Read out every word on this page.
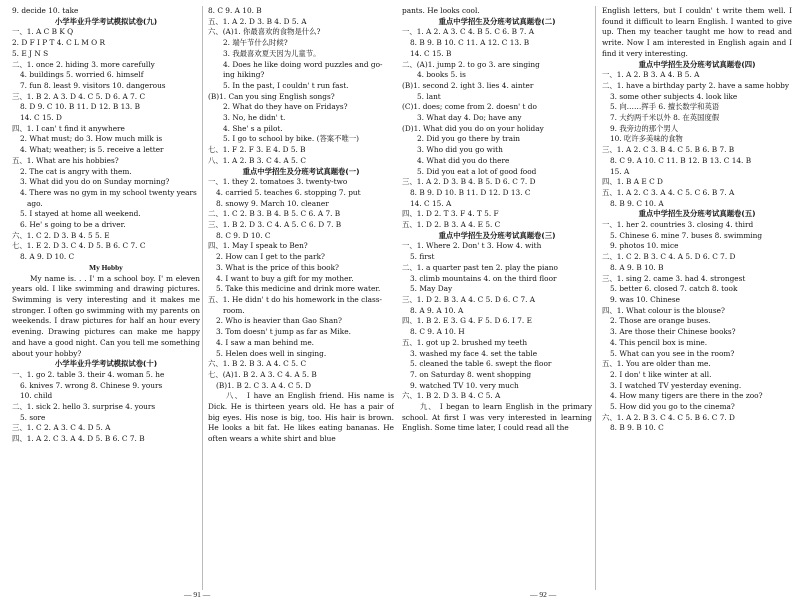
9. decide 10. take

小学毕业升学考试模拟试卷(九)

一、1. A C B K Q

2. D F I P T 4. C L M O R

5. E J N S

二、1. once 2. hiding 3. more carefully

4. buildings 5. worried 6. himself

7. fun 8. least 9. visitors 10. dangerous

三、1. B 2. A 3. D 4. C 5. D 6. A 7. C

8. D 9. C 10. B 11. D 12. B 13. B

14. C 15. D

四、1. I can' t find it anywhere

2. What must; do 3. How much milk is

4. What; weather; is 5. receive a letter

五、1. What are his hobbies?

2. The cat is angry with them.

3. What did you do on Sunday morning?

4. There was no gym in my school twenty years

ago.

5. I stayed at home all weekend.

6. He' s going to be a driver.

六、1. C 2. D 3. B 4. 5 5. E

七、1. E 2. D 3. C 4. D 5. B 6. C 7. C

8. A 9. D 10. C

My Hobby

My name is. . . I' m a school boy. I' m eleven years old. I like swimming and drawing pictures. Swimming is very interesting and it makes me stronger. I often go swimming with my parents on weekends. I draw pictures for half an hour every evening. Drawing pictures can make me happy and have a good night. Can you tell me something about your hobby?

小学毕业升学考试模拟试卷(十)

一、1. go 2. table 3. their 4. woman 5. he

6. knives 7. wrong 8. Chinese 9. yours

10. child

二、1. sick 2. hello 3. surprise 4. yours

5. sore

三、1. C 2. A 3. C 4. D 5. A

四、1. A 2. C 3. A 4. D 5. B 6. C 7. B

8. C 9. A 10. B

五、1. A 2. D 3. B 4. D 5. A

六、(A)1. 你最喜欢的食物是什么?

2. 端午节什么时候?

3. 我最喜欢夏天因为儿童节。

4. Does he like doing word puzzles and go-

ing hiking?

5. In the past, I couldn' t run fast.

(B)1. Can you sing English songs?

2. What do they have on Fridays?

3. No, he didn' t.

4. She' s a pilot.

5. I go to school by bike. (答案不唯一)

七、1. F 2. F 3. E 4. D 5. B

八、1. A 2. B 3. C 4. A 5. C

重点中学招生及分班考试真题卷(一)

一、1. they 2. tomatoes 3. twenty-two

4. carried 5. teaches 6. stopping 7. put

8. snowy 9. March 10. cleaner

二、1. C 2. B 3. B 4. B 5. C 6. A 7. B

三、1. B 2. D 3. C 4. A 5. C 6. D 7. B

8. C 9. D 10. C

四、1. May I speak to Ben?

2. How can I get to the park?

3. What is the price of this book?

4. I want to buy a gift for my mother.

5. Take this medicine and drink more water.

五、1. He didn' t do his homework in the class-

room.

2. Who is heavier than Gao Shan?

3. Tom doesn' t jump as far as Mike.

4. I saw a man behind me.

5. Helen does well in singing.

六、1. B 2. B 3. A 4. C 5. C

七、(A)1. B 2. A 3. C 4. A 5. B

(B)1. B 2. C 3. A 4. C 5. D

八、 I have an English friend. His name is Dick. He is thirteen years old. He has a pair of big eyes. His nose is big, too. His hair is brown. He looks a bit fat. He likes eating bananas. He often wears a white shirt and blue

— 91 —

pants. He looks cool.

重点中学招生及分班考试真题卷(二)

一、1. A 2. A 3. C 4. B 5. C 6. B 7. A

8. B 9. B 10. C 11. A 12. C 13. B

14. C 15. B

二、(A)1. jump 2. to go 3. are singing

4. books 5. is

(B)1. second 2. ight 3. lies 4. ainter

5. lant

(C)1. does; come from 2. doesn' t do

3. What day 4. Do; have any

(D)1. What did you do on your holiday

2. Did you go there by train

3. Who did you go with

4. What did you do there

5. Did you eat a lot of good food

三、1. A 2. D 3. B 4. B 5. D 6. C 7. D

8. B 9. D 10. B 11. D 12. D 13. C

14. C 15. A

四、1. D 2. T 3. F 4. T 5. F

五、1. D 2. B 3. A 4. E 5. C

重点中学招生及分班考试真题卷(三)

一、1. Where 2. Don' t 3. How 4. with

5. first

二、1. a quarter past ten 2. play the piano

3. climb mountains 4. on the third floor

5. May Day

三、1. D 2. B 3. A 4. C 5. D 6. C 7. A

8. A 9. A 10. A

四、1. B 2. E 3. G 4. F 5. D 6. I 7. E

8. C 9. A 10. H

五、1. got up 2. brushed my teeth

3. washed my face 4. set the table

5. cleaned the table 6. swept the floor

7. on Saturday 8. went shopping

9. watched TV 10. very much

六、1. B 2. D 3. B 4. C 5. A

九、 I began to learn English in the primary school. At first I was very interested in learning English. Some time later, I could read all the

English letters, but I couldn' t write them well. I found it difficult to learn English. I wanted to give up. Then my teacher taught me how to read and write. Now I am interested in English again and I find it very interesting.

重点中学招生及分班考试真题卷(四)

一、1. A 2. B 3. A 4. B 5. A

二、1. have a birthday party 2. have a same hobby

3. some other subjects 4. look like

5. 向……挥手 6. 擅长数学和英语

7. 大约两千米以外 8. 在英国度假

9. 我旁边的那个男人

10. 吃许多美味的食物

三、1. A 2. C 3. B 4. C 5. B 6. B 7. B

8. C 9. A 10. C 11. B 12. B 13. C 14. B

15. A

四、1. B A E C D

五、1. A 2. C 3. A 4. C 5. C 6. B 7. A

8. B 9. C 10. A

重点中学招生及分班考试真题卷(五)

一、1. her 2. countries 3. closing 4. third

5. Chinese 6. mine 7. buses 8. swimming

9. photos 10. mice

二、1. C 2. B 3. C 4. A 5. D 6. C 7. D

8. A 9. B 10. B

三、1. sing 2. came 3. had 4. strongest

5. better 6. closed 7. catch 8. took

9. was 10. Chinese

四、1. What colour is the blouse?

2. Those are orange buses.

3. Are those their Chinese books?

4. This pencil box is mine.

5. What can you see in the room?

五、1. You are older than me.

2. I don' t like winter at all.

3. I watched TV yesterday evening.

4. How many tigers are there in the zoo?

5. How did you go to the cinema?

六、1. A 2. B 3. C 4. C 5. B 6. C 7. D

8. B 9. B 10. C

— 92 —
